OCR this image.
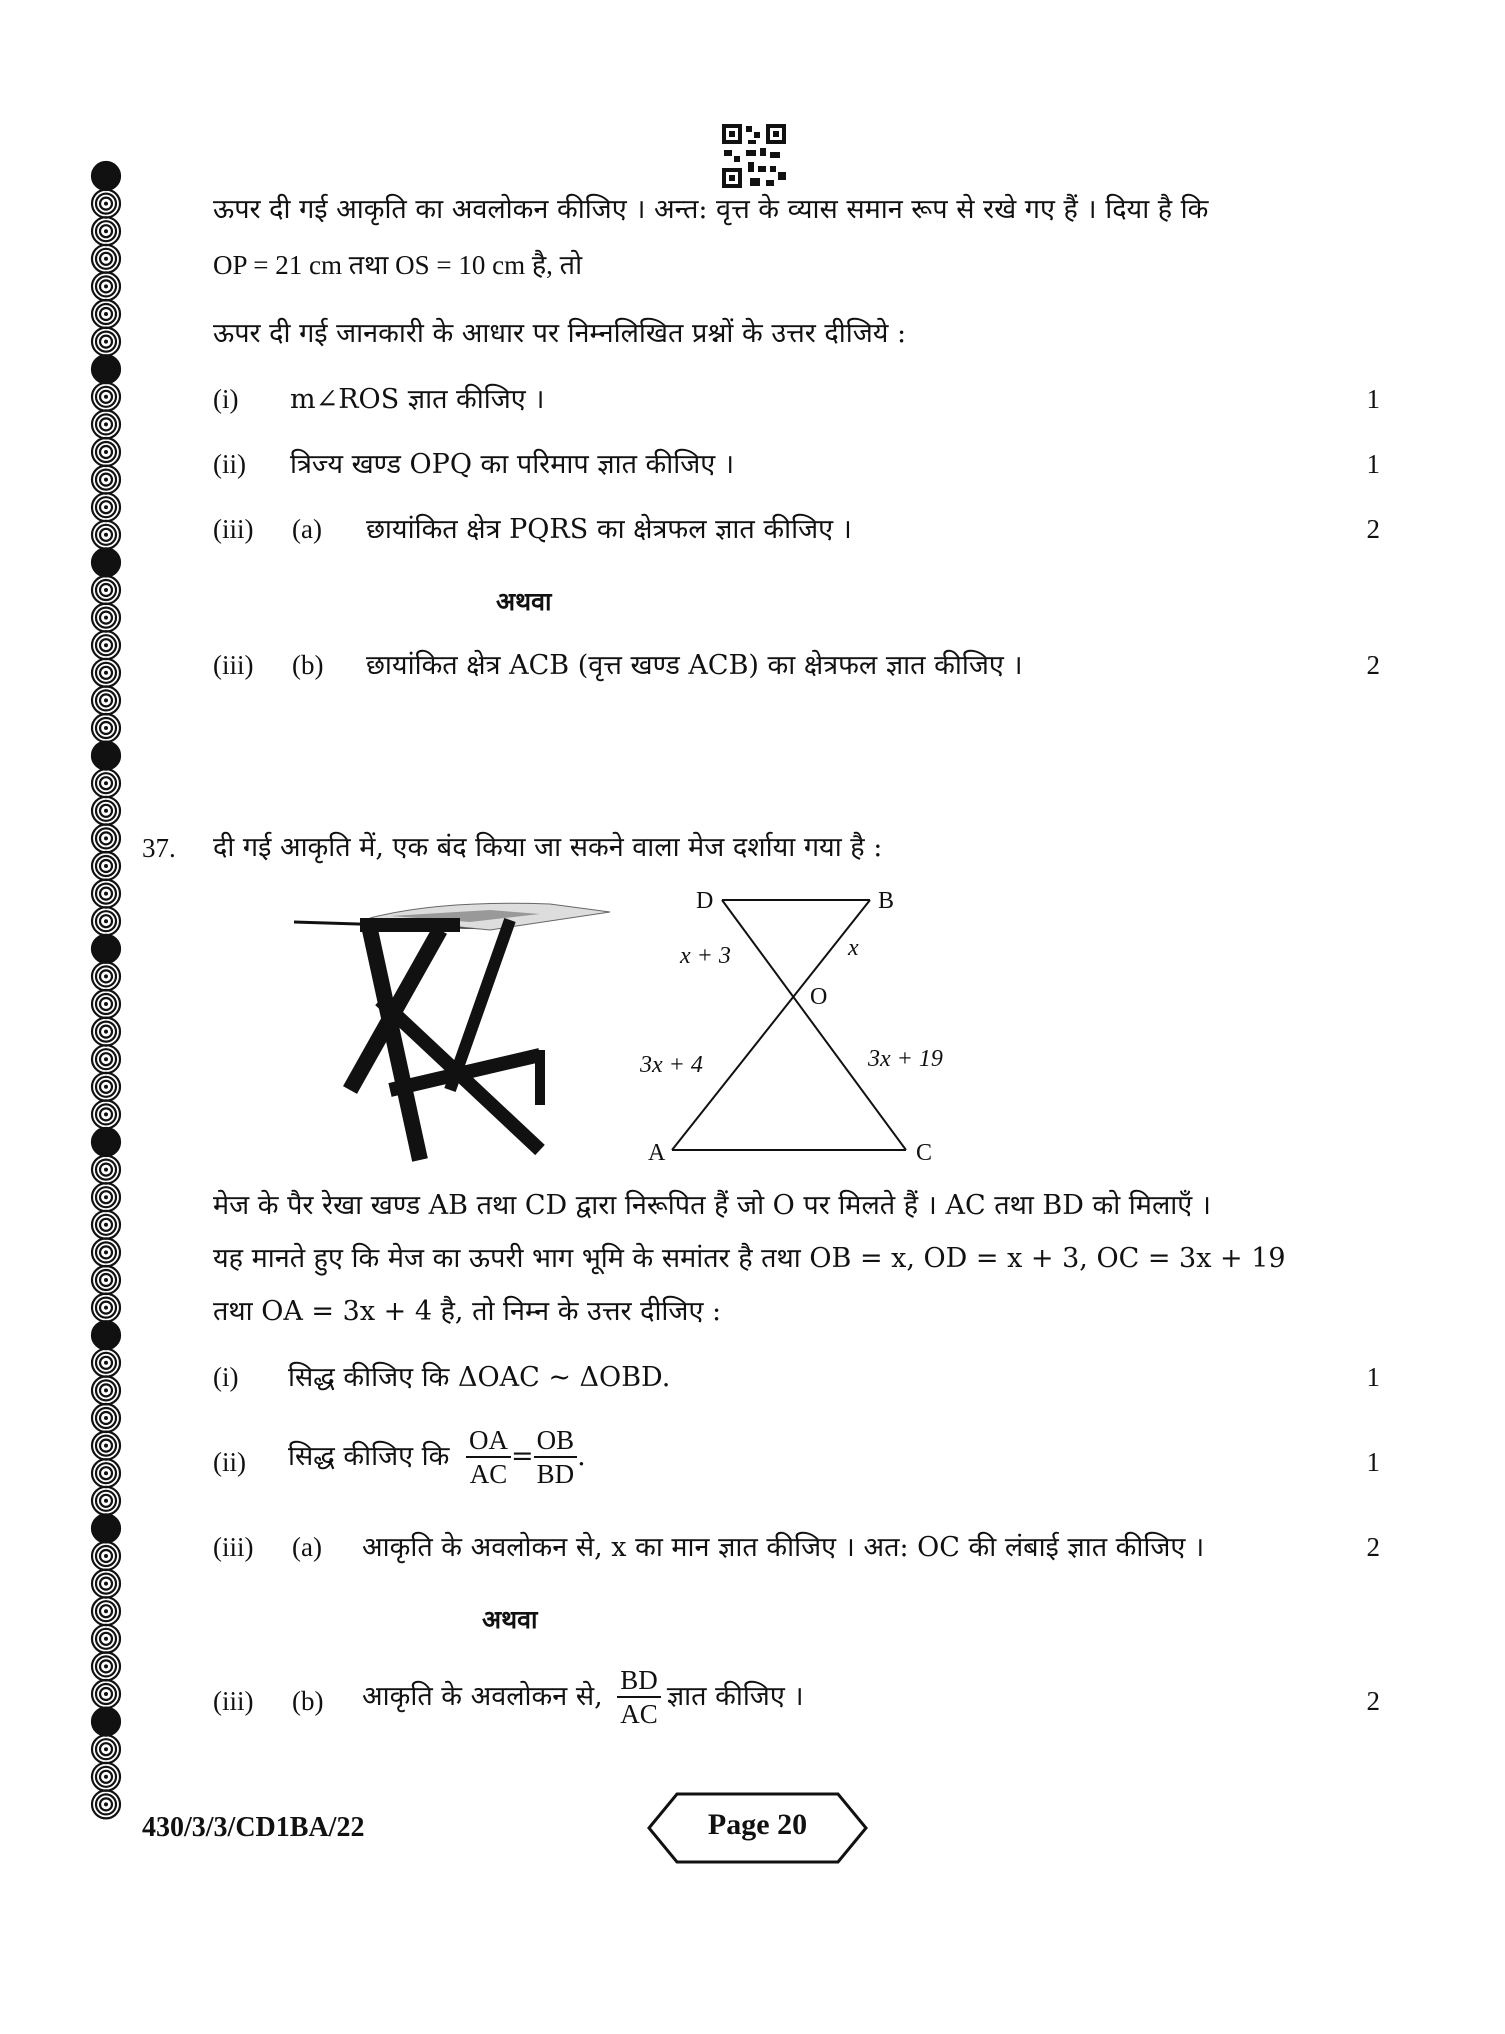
ऊपर दी गई आकृति का अवलोकन कीजिए । अन्त: वृत्त के व्यास समान रूप से रखे गए हैं । दिया है कि
OP = 21 cm तथा OS = 10 cm है, तो
ऊपर दी गई जानकारी के आधार पर निम्नलिखित प्रश्नों के उत्तर दीजिये :
(i) m∠ROS ज्ञात कीजिए ।	1
(ii) त्रिज्य खण्ड OPQ का परिमाप ज्ञात कीजिए ।	1
(iii) (a) छायांकित क्षेत्र PQRS का क्षेत्रफल ज्ञात कीजिए ।	2
अथवा
(iii) (b) छायांकित क्षेत्र ACB (वृत्त खण्ड ACB) का क्षेत्रफल ज्ञात कीजिए ।	2
37. दी गई आकृति में, एक बंद किया जा सकने वाला मेज दर्शाया गया है :
D	B
O
A	C
x + 3	x
3x + 4	3x + 19
मेज के पैर रेखा खण्ड AB तथा CD द्वारा निरूपित हैं जो O पर मिलते हैं । AC तथा BD को मिलाएँ ।
यह मानते हुए कि मेज का ऊपरी भाग भूमि के समांतर है तथा OB = x, OD = x + 3, OC = 3x + 19
तथा OA = 3x + 4 है, तो निम्न के उत्तर दीजिए :
(i) सिद्ध कीजिए कि ΔOAC ~ ΔOBD.	1
(ii) सिद्ध कीजिए कि $\frac{OA}{AC} = \frac{OB}{BD}$ .	1
(iii) (a) आकृति के अवलोकन से, x का मान ज्ञात कीजिए । अत: OC की लंबाई ज्ञात कीजिए ।	2
अथवा
(iii) (b) आकृति के अवलोकन से, $\frac{BD}{AC}$ ज्ञात कीजिए ।	2
430/3/3/CD1BA/22	Page 20
